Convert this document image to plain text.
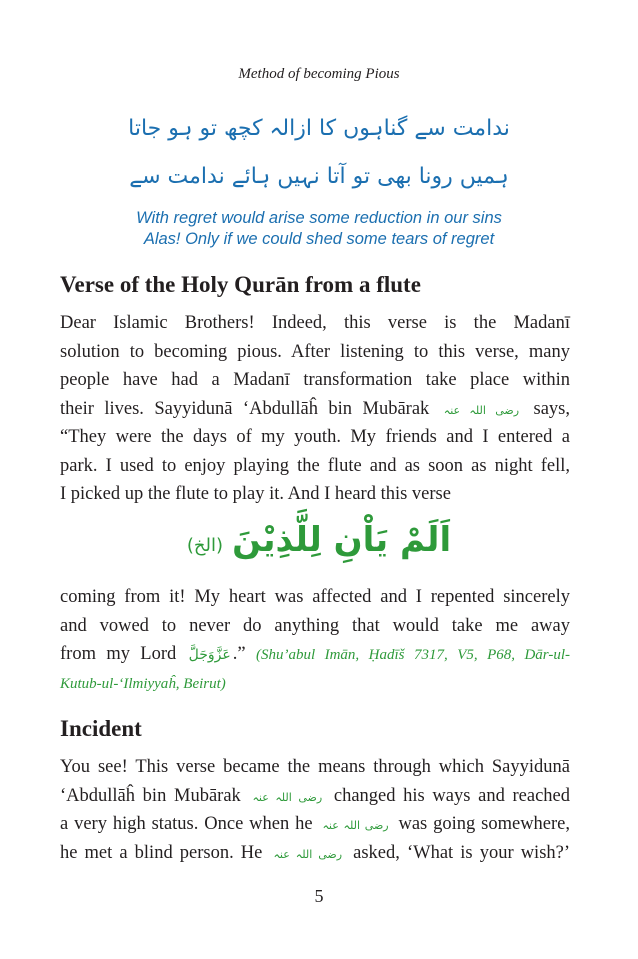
Method of becoming Pious
ندامت سے گناہوں کا ازالہ کچھ تو ہو جاتا
ہمیں رونا بھی تو آتا نہیں ہائے ندامت سے
With regret would arise some reduction in our sins
Alas! Only if we could shed some tears of regret
Verse of the Holy Qurān from a flute
Dear Islamic Brothers! Indeed, this verse is the Madanī
solution to becoming pious. After listening to this verse, many
people have had a Madanī transformation take place within
their lives. Sayyidunā ‘Abdullāĥ bin Mubārak رضی اللہ عنہ says,
“They were the days of my youth. My friends and I entered a
park. I used to enjoy playing the flute and as soon as night fell,
I picked up the flute to play it. And I heard this verse
اَلَمْ یَاْنِ لِلَّذِیْنَ (الخ)
coming from it! My heart was affected and I repented sincerely
and vowed to never do anything that would take me away
from my Lord عَزَّوَجَلَّ .” (Shu’abul Imān, Ḥadīš 7317, V5, P68, Dār-ul-
Kutub-ul-‘Ilmiyyaĥ, Beirut)
Incident
You see! This verse became the means through which Sayyidunā
‘Abdullāĥ bin Mubārak رضی اللہ عنہ changed his ways and reached
a very high status. Once when he رضی اللہ عنہ was going somewhere,
he met a blind person. He رضی اللہ عنہ asked, ‘What is your wish?’
5
